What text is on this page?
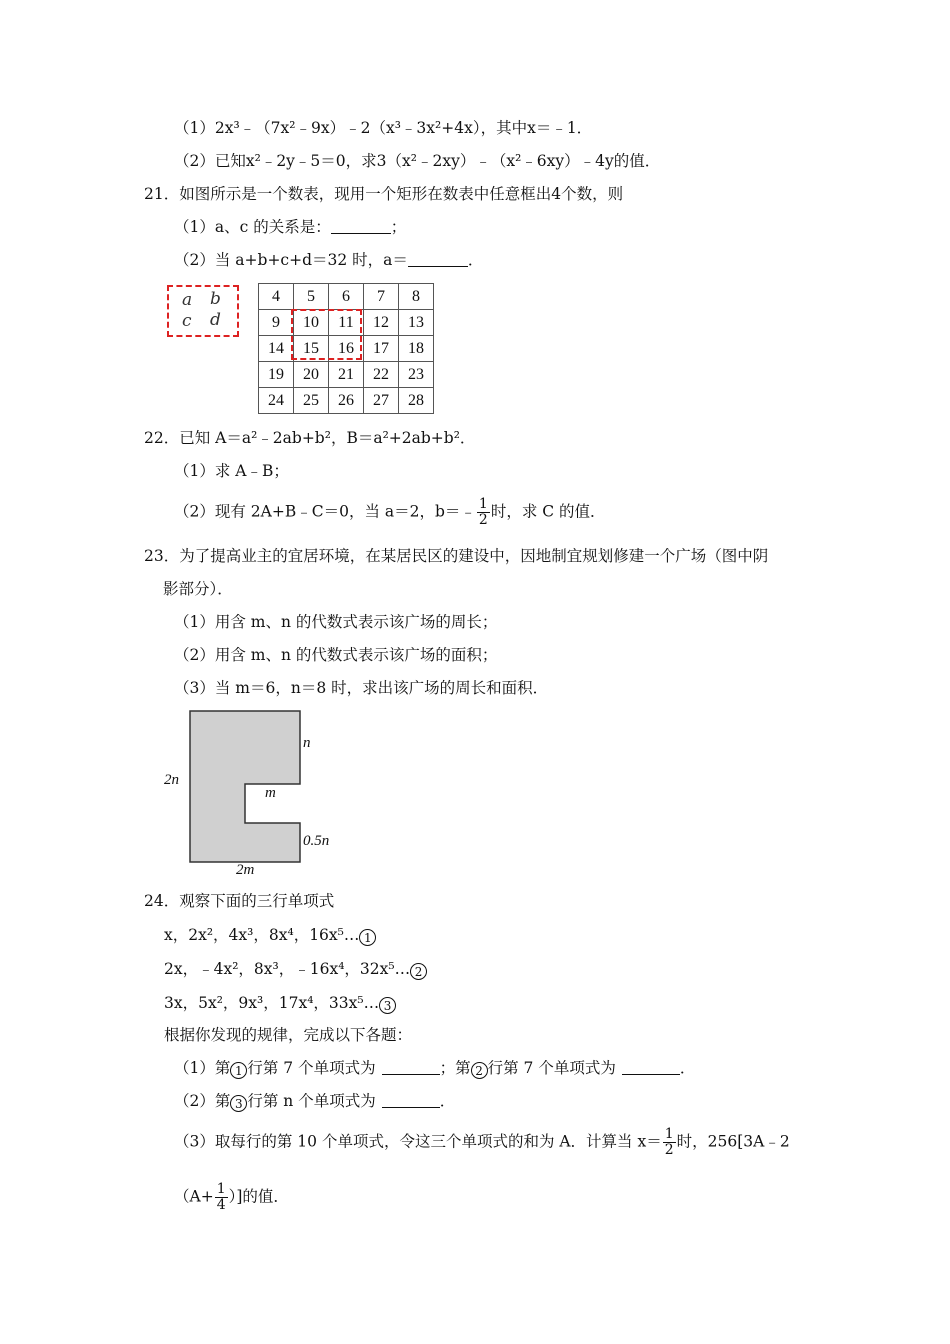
（1）2x³﹣（7x²﹣9x）﹣2（x³﹣3x²+4x），其中x＝﹣1．
（2）已知x²﹣2y﹣5＝0，求3（x²﹣2xy）﹣（x²﹣6xy）﹣4y的值．
21．如图所示是一个数表，现用一个矩形在数表中任意框出4个数，则
（1）a、c 的关系是：	；
（2）当 a+b+c+d＝32 时，a＝	．
a b
c d
4	5	6	7	8
9	10	11	12	13
14	15	16	17	18
19	20	21	22	23
24	25	26	27	28
22．已知 A＝a²﹣2ab+b²，B＝a²+2ab+b²．
（1）求 A﹣B；
（2）现有 2A+B﹣C＝0，当 a＝2，b＝﹣ $\frac{1}{2}$ 时，求 C 的值．
23．为了提高业主的宜居环境，在某居民区的建设中，因地制宜规划修建一个广场（图中阴
影部分）．
（1）用含 m、n 的代数式表示该广场的周长；
（2）用含 m、n 的代数式表示该广场的面积；
（3）当 m＝6，n＝8 时，求出该广场的周长和面积．
2n
n
m
0.5n
2m
24．观察下面的三行单项式
x，2x²，4x³，8x⁴，16x⁵… 1
2x，﹣4x²，8x³，﹣16x⁴，32x⁵… 2
3x，5x²，9x³，17x⁴，33x⁵… 3
根据你发现的规律，完成以下各题：
（1）第 1 行第 7 个单项式为	；第 2 行第 7 个单项式为	．
（2）第 3 行第 n 个单项式为	．
（3）取每行的第 10 个单项式，令这三个单项式的和为 A．计算当 $x= \frac{1}{2}$ 时，256[3A﹣2
（$A+ \frac{1}{4}$ ）]的值．
